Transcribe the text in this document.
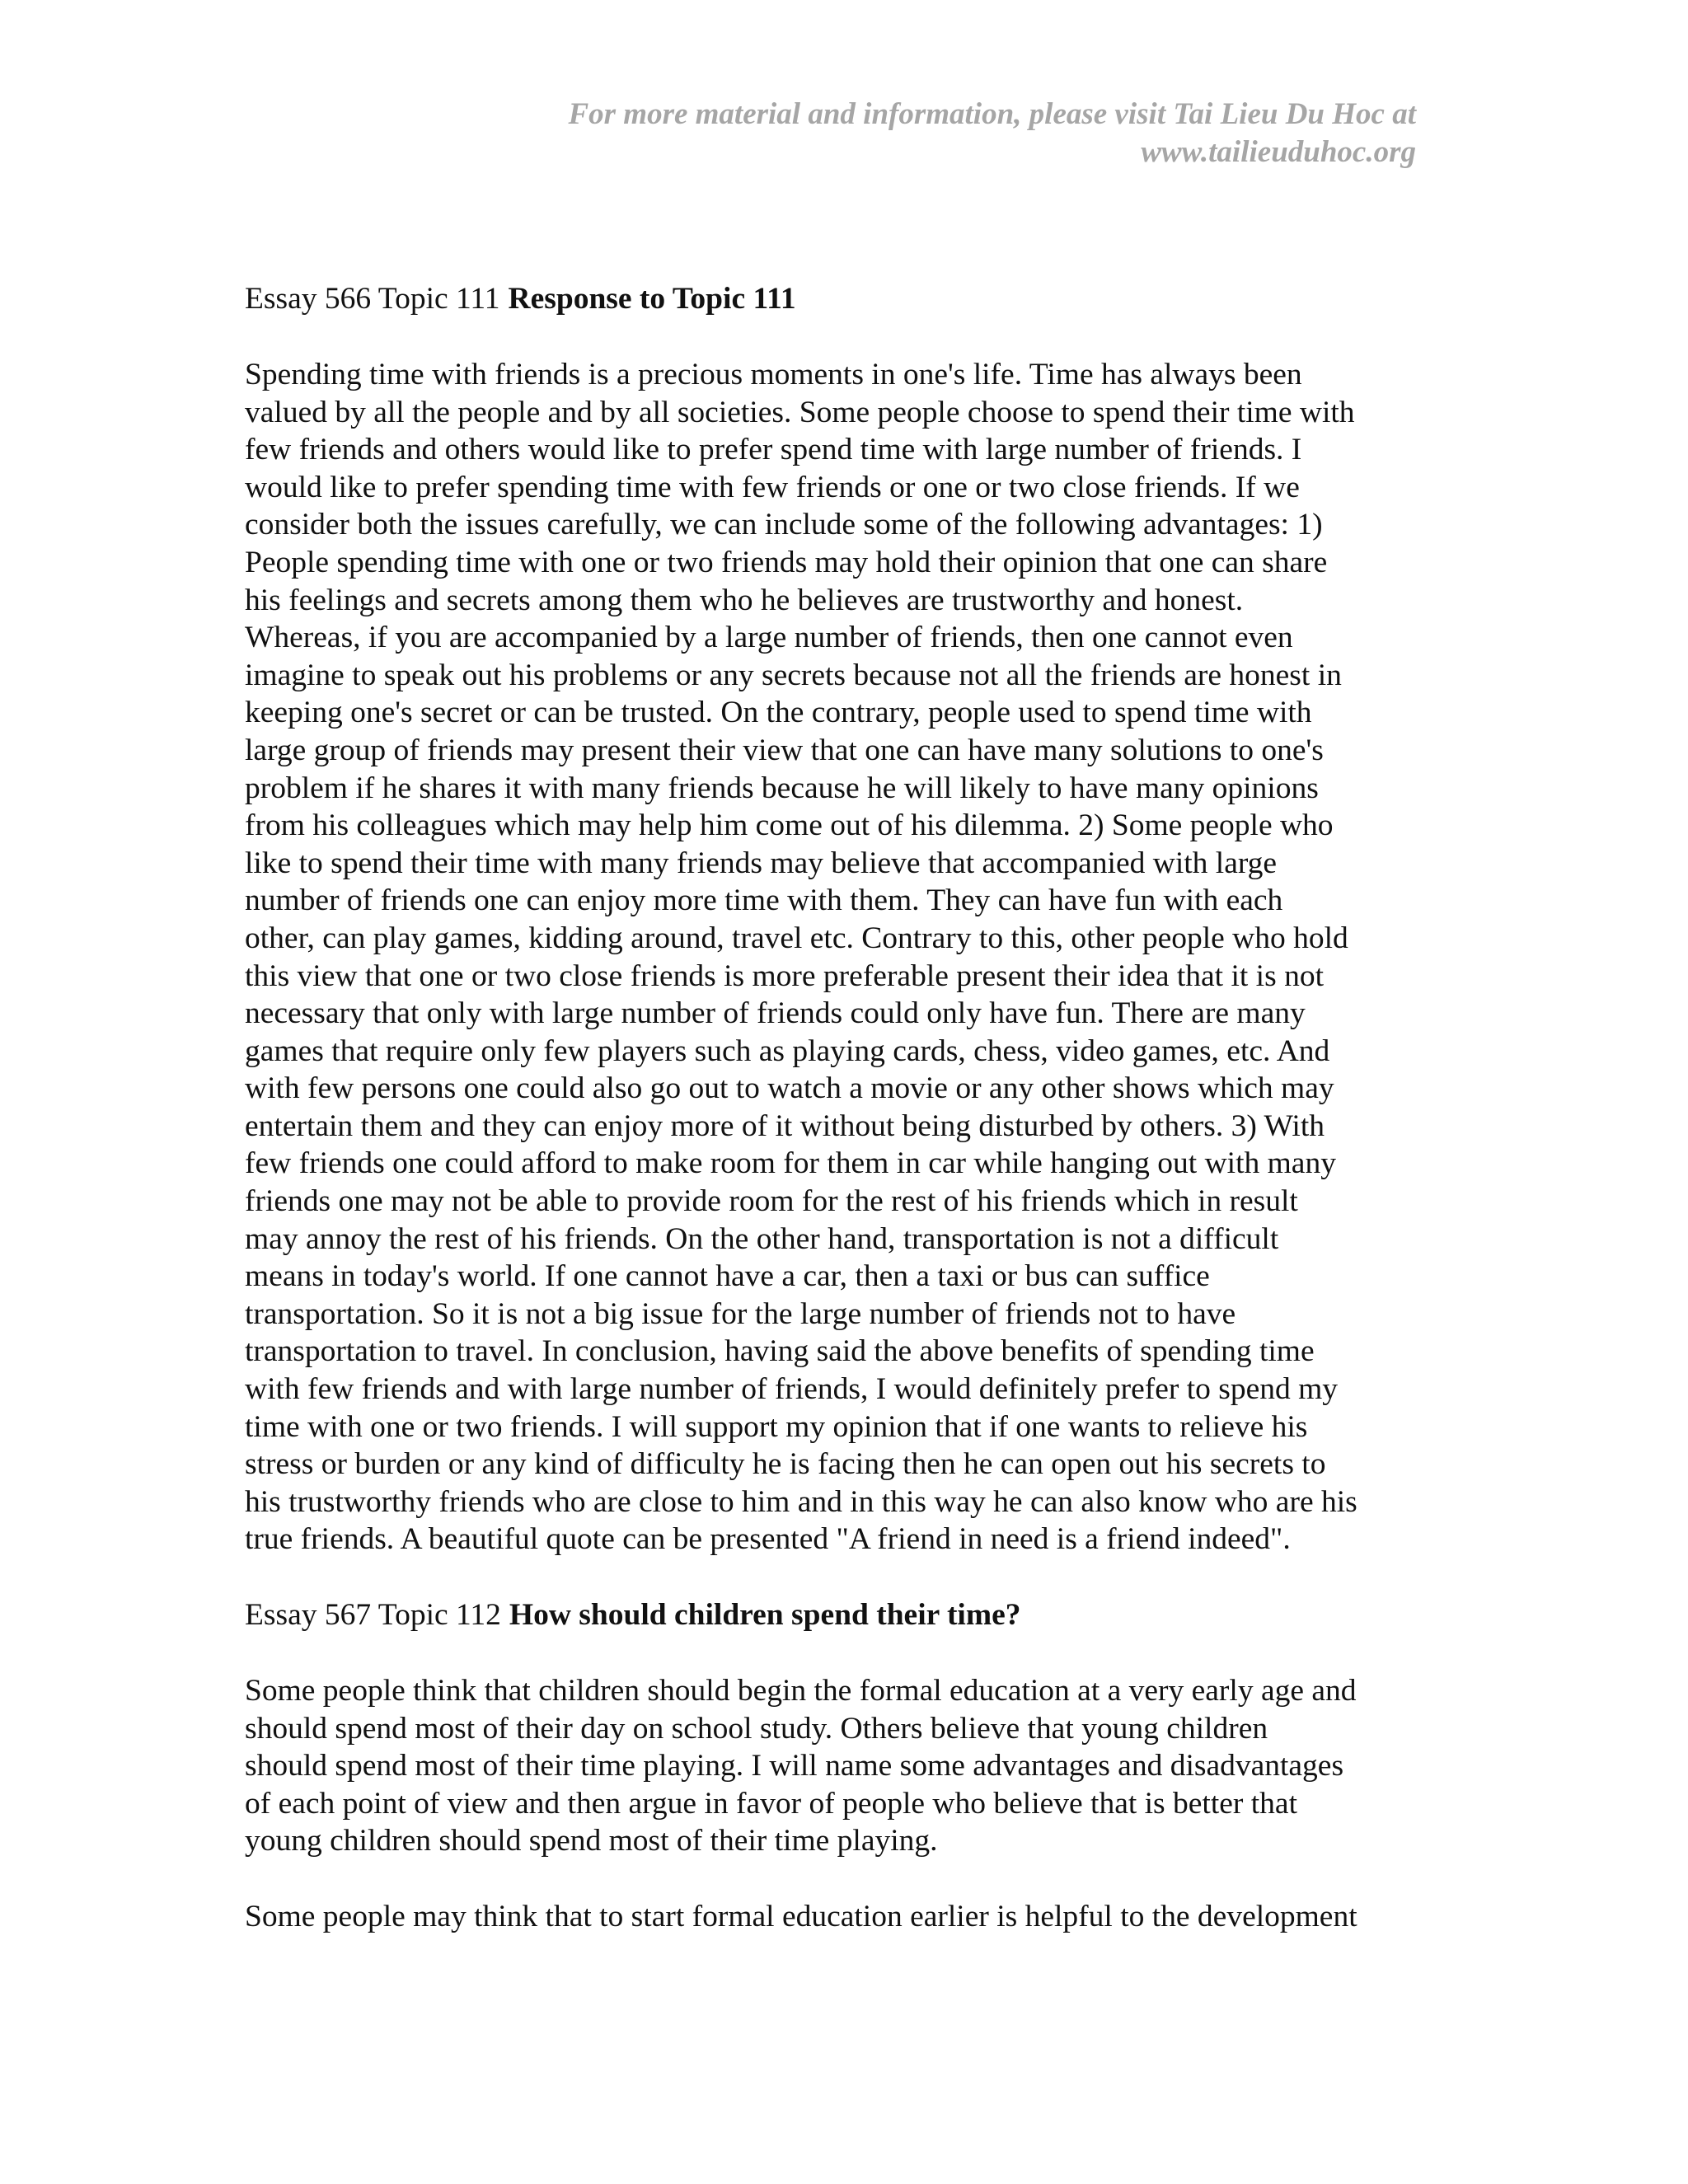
For more material and information, please visit Tai Lieu Du Hoc at
www.tailieuduhoc.org
Essay 566 Topic 111 Response to Topic 111
Spending time with friends is a precious moments in one's life. Time has always been
valued by all the people and by all societies. Some people choose to spend their time with
few friends and others would like to prefer spend time with large number of friends. I
would like to prefer spending time with few friends or one or two close friends. If we
consider both the issues carefully, we can include some of the following advantages: 1)
People spending time with one or two friends may hold their opinion that one can share
his feelings and secrets among them who he believes are trustworthy and honest.
Whereas, if you are accompanied by a large number of friends, then one cannot even
imagine to speak out his problems or any secrets because not all the friends are honest in
keeping one's secret or can be trusted. On the contrary, people used to spend time with
large group of friends may present their view that one can have many solutions to one's
problem if he shares it with many friends because he will likely to have many opinions
from his colleagues which may help him come out of his dilemma. 2) Some people who
like to spend their time with many friends may believe that accompanied with large
number of friends one can enjoy more time with them. They can have fun with each
other, can play games, kidding around, travel etc. Contrary to this, other people who hold
this view that one or two close friends is more preferable present their idea that it is not
necessary that only with large number of friends could only have fun. There are many
games that require only few players such as playing cards, chess, video games, etc. And
with few persons one could also go out to watch a movie or any other shows which may
entertain them and they can enjoy more of it without being disturbed by others. 3) With
few friends one could afford to make room for them in car while hanging out with many
friends one may not be able to provide room for the rest of his friends which in result
may annoy the rest of his friends. On the other hand, transportation is not a difficult
means in today's world. If one cannot have a car, then a taxi or bus can suffice
transportation. So it is not a big issue for the large number of friends not to have
transportation to travel. In conclusion, having said the above benefits of spending time
with few friends and with large number of friends, I would definitely prefer to spend my
time with one or two friends. I will support my opinion that if one wants to relieve his
stress or burden or any kind of difficulty he is facing then he can open out his secrets to
his trustworthy friends who are close to him and in this way he can also know who are his
true friends. A beautiful quote can be presented "A friend in need is a friend indeed".
Essay 567 Topic 112 How should children spend their time?
Some people think that children should begin the formal education at a very early age and
should spend most of their day on school study. Others believe that young children
should spend most of their time playing. I will name some advantages and disadvantages
of each point of view and then argue in favor of people who believe that is better that
young children should spend most of their time playing.
Some people may think that to start formal education earlier is helpful to the development
